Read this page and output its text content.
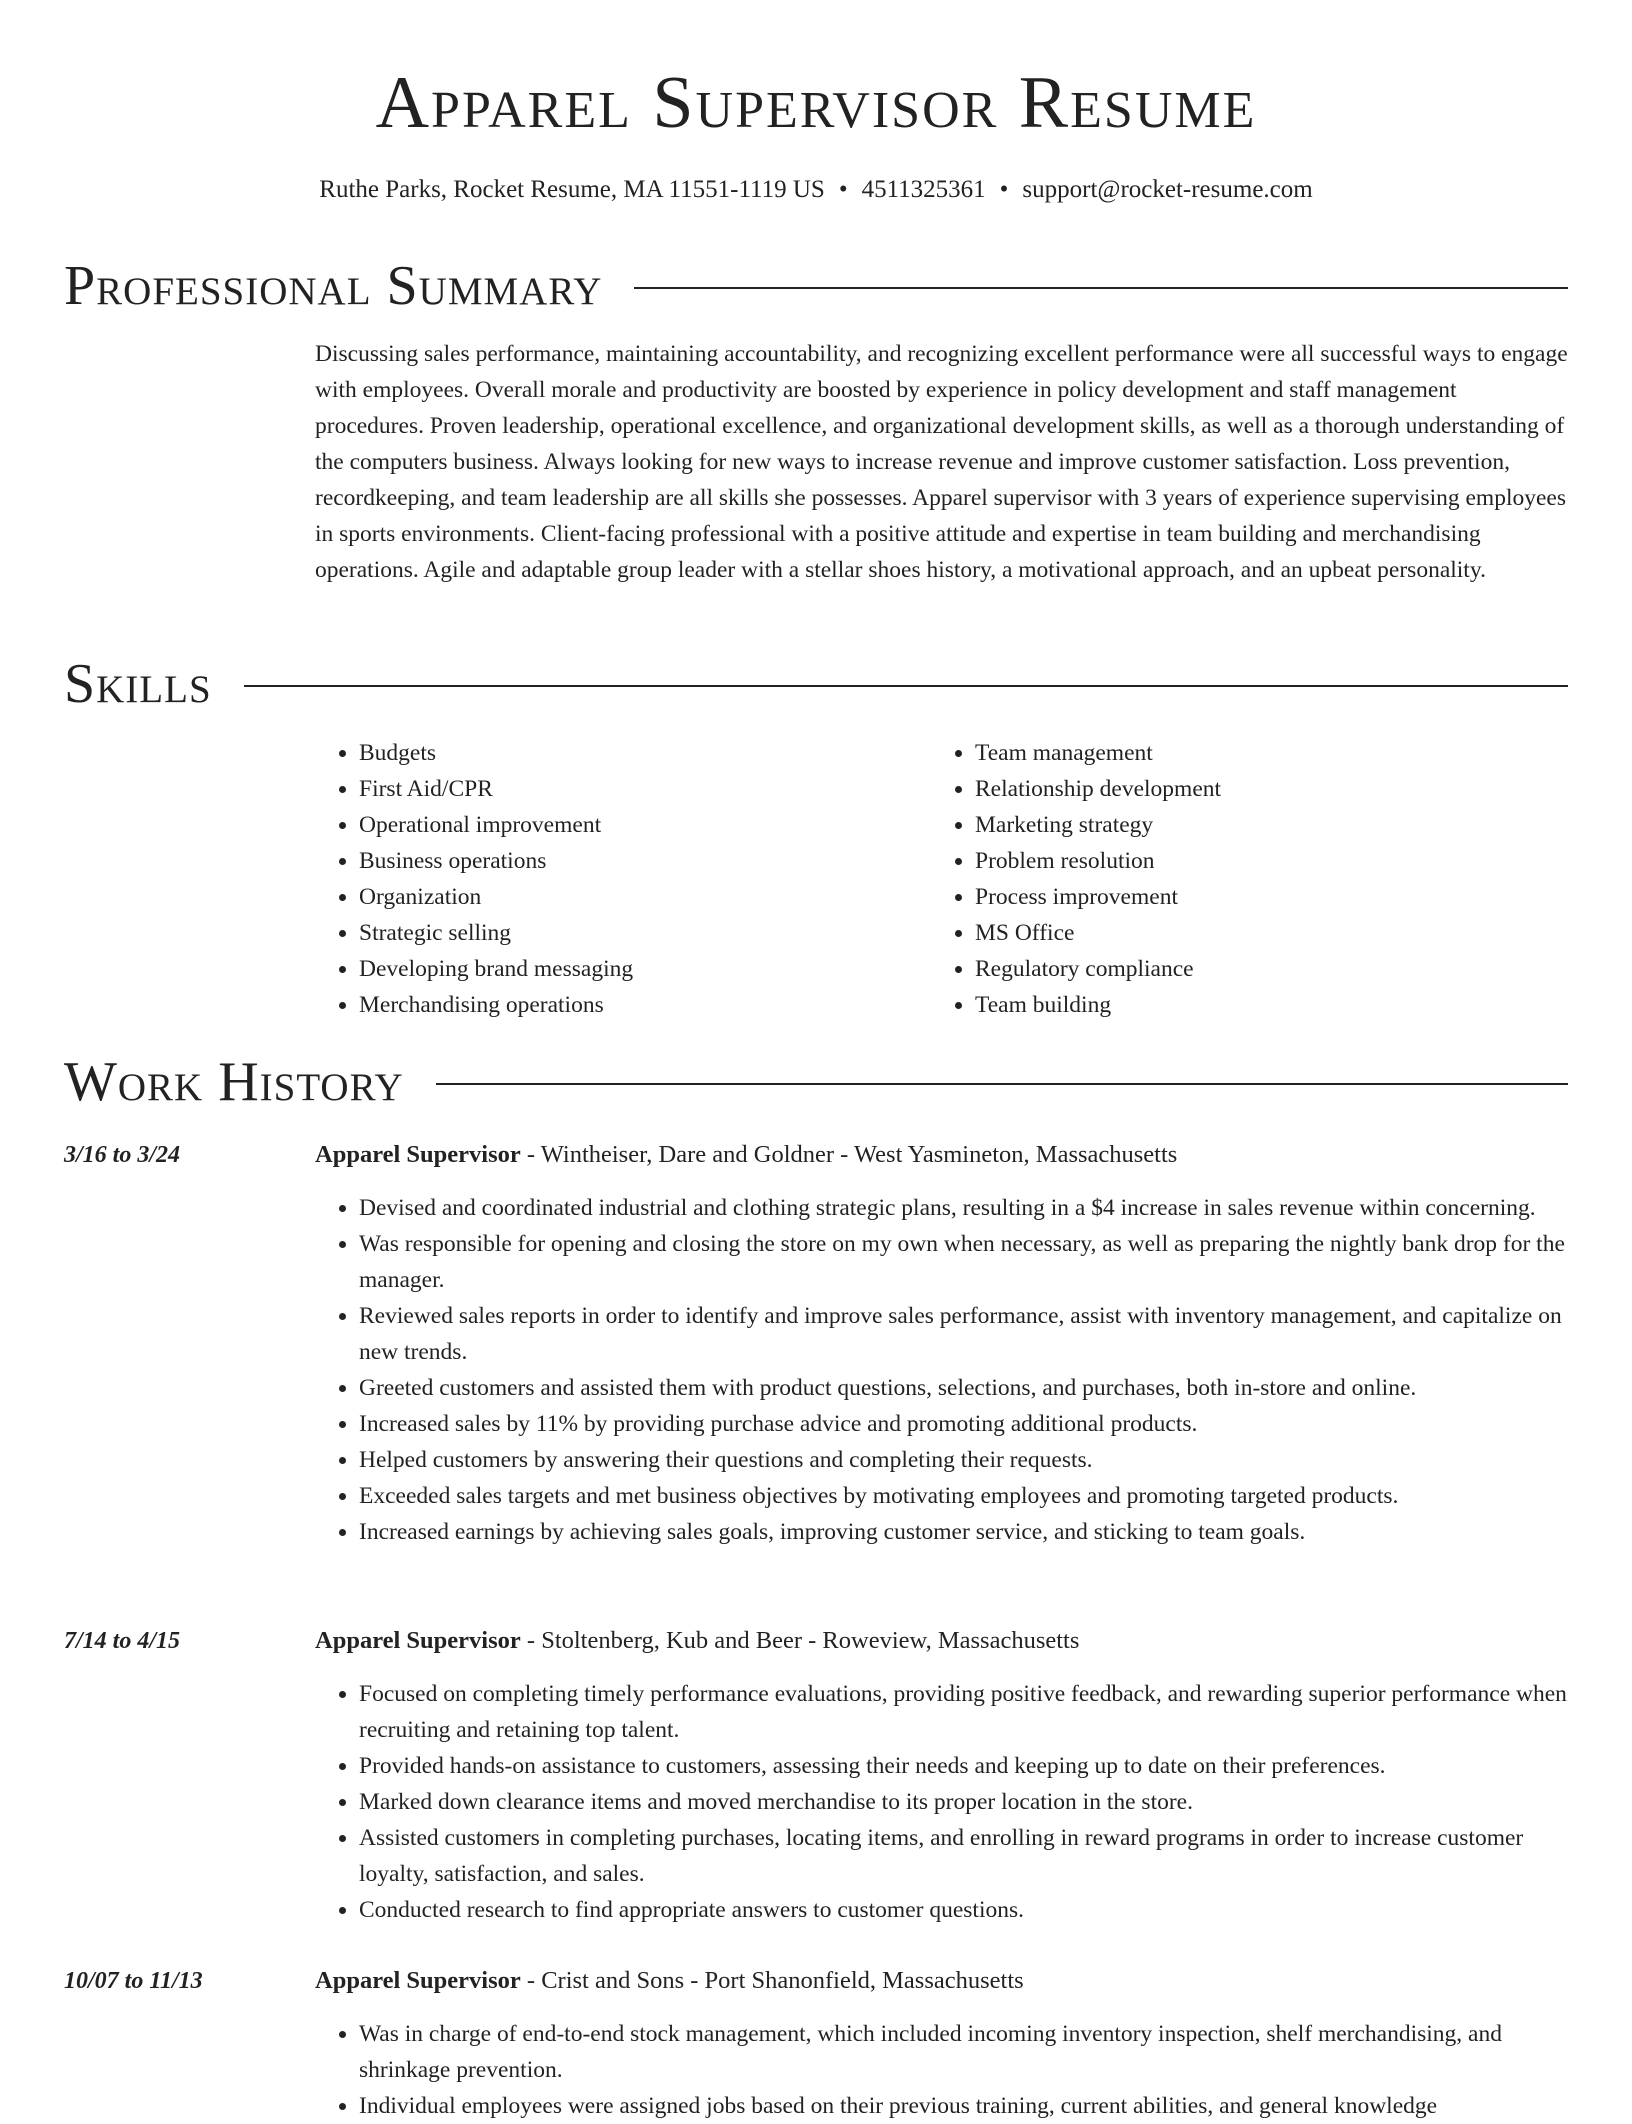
Apparel Supervisor Resume
Ruthe Parks, Rocket Resume, MA 11551-1119 US • 4511325361 • support@rocket-resume.com
Professional Summary

Discussing sales performance, maintaining accountability, and recognizing excellent performance were all successful ways to engage with employees. Overall morale and productivity are boosted by experience in policy development and staff management procedures. Proven leadership, operational excellence, and organizational development skills, as well as a thorough understanding of the computers business. Always looking for new ways to increase revenue and improve customer satisfaction. Loss prevention, recordkeeping, and team leadership are all skills she possesses. Apparel supervisor with 3 years of experience supervising employees in sports environments. Client-facing professional with a positive attitude and expertise in team building and merchandising operations. Agile and adaptable group leader with a stellar shoes history, a motivational approach, and an upbeat personality.

Skills
• Budgets
• First Aid/CPR
• Operational improvement
• Business operations
• Organization
• Strategic selling
• Developing brand messaging
• Merchandising operations
• Team management
• Relationship development
• Marketing strategy
• Problem resolution
• Process improvement
• MS Office
• Regulatory compliance
• Team building
Work History
3/16 to 3/24	Apparel Supervisor - Wintheiser, Dare and Goldner - West Yasmineton, Massachusetts
• Devised and coordinated industrial and clothing strategic plans, resulting in a $4 increase in sales revenue within concerning.
• Was responsible for opening and closing the store on my own when necessary, as well as preparing the nightly bank drop for the manager.
• Reviewed sales reports in order to identify and improve sales performance, assist with inventory management, and capitalize on new trends.
• Greeted customers and assisted them with product questions, selections, and purchases, both in-store and online.
• Increased sales by 11% by providing purchase advice and promoting additional products.
• Helped customers by answering their questions and completing their requests.
• Exceeded sales targets and met business objectives by motivating employees and promoting targeted products.
• Increased earnings by achieving sales goals, improving customer service, and sticking to team goals.
7/14 to 4/15	Apparel Supervisor - Stoltenberg, Kub and Beer - Roweview, Massachusetts
• Focused on completing timely performance evaluations, providing positive feedback, and rewarding superior performance when recruiting and retaining top talent.
• Provided hands-on assistance to customers, assessing their needs and keeping up to date on their preferences.
• Marked down clearance items and moved merchandise to its proper location in the store.
• Assisted customers in completing purchases, locating items, and enrolling in reward programs in order to increase customer loyalty, satisfaction, and sales.
• Conducted research to find appropriate answers to customer questions.
10/07 to 11/13	Apparel Supervisor - Crist and Sons - Port Shanonfield, Massachusetts
• Was in charge of end-to-end stock management, which included incoming inventory inspection, shelf merchandising, and shrinkage prevention.
• Individual employees were assigned jobs based on their previous training, current abilities, and general knowledge
